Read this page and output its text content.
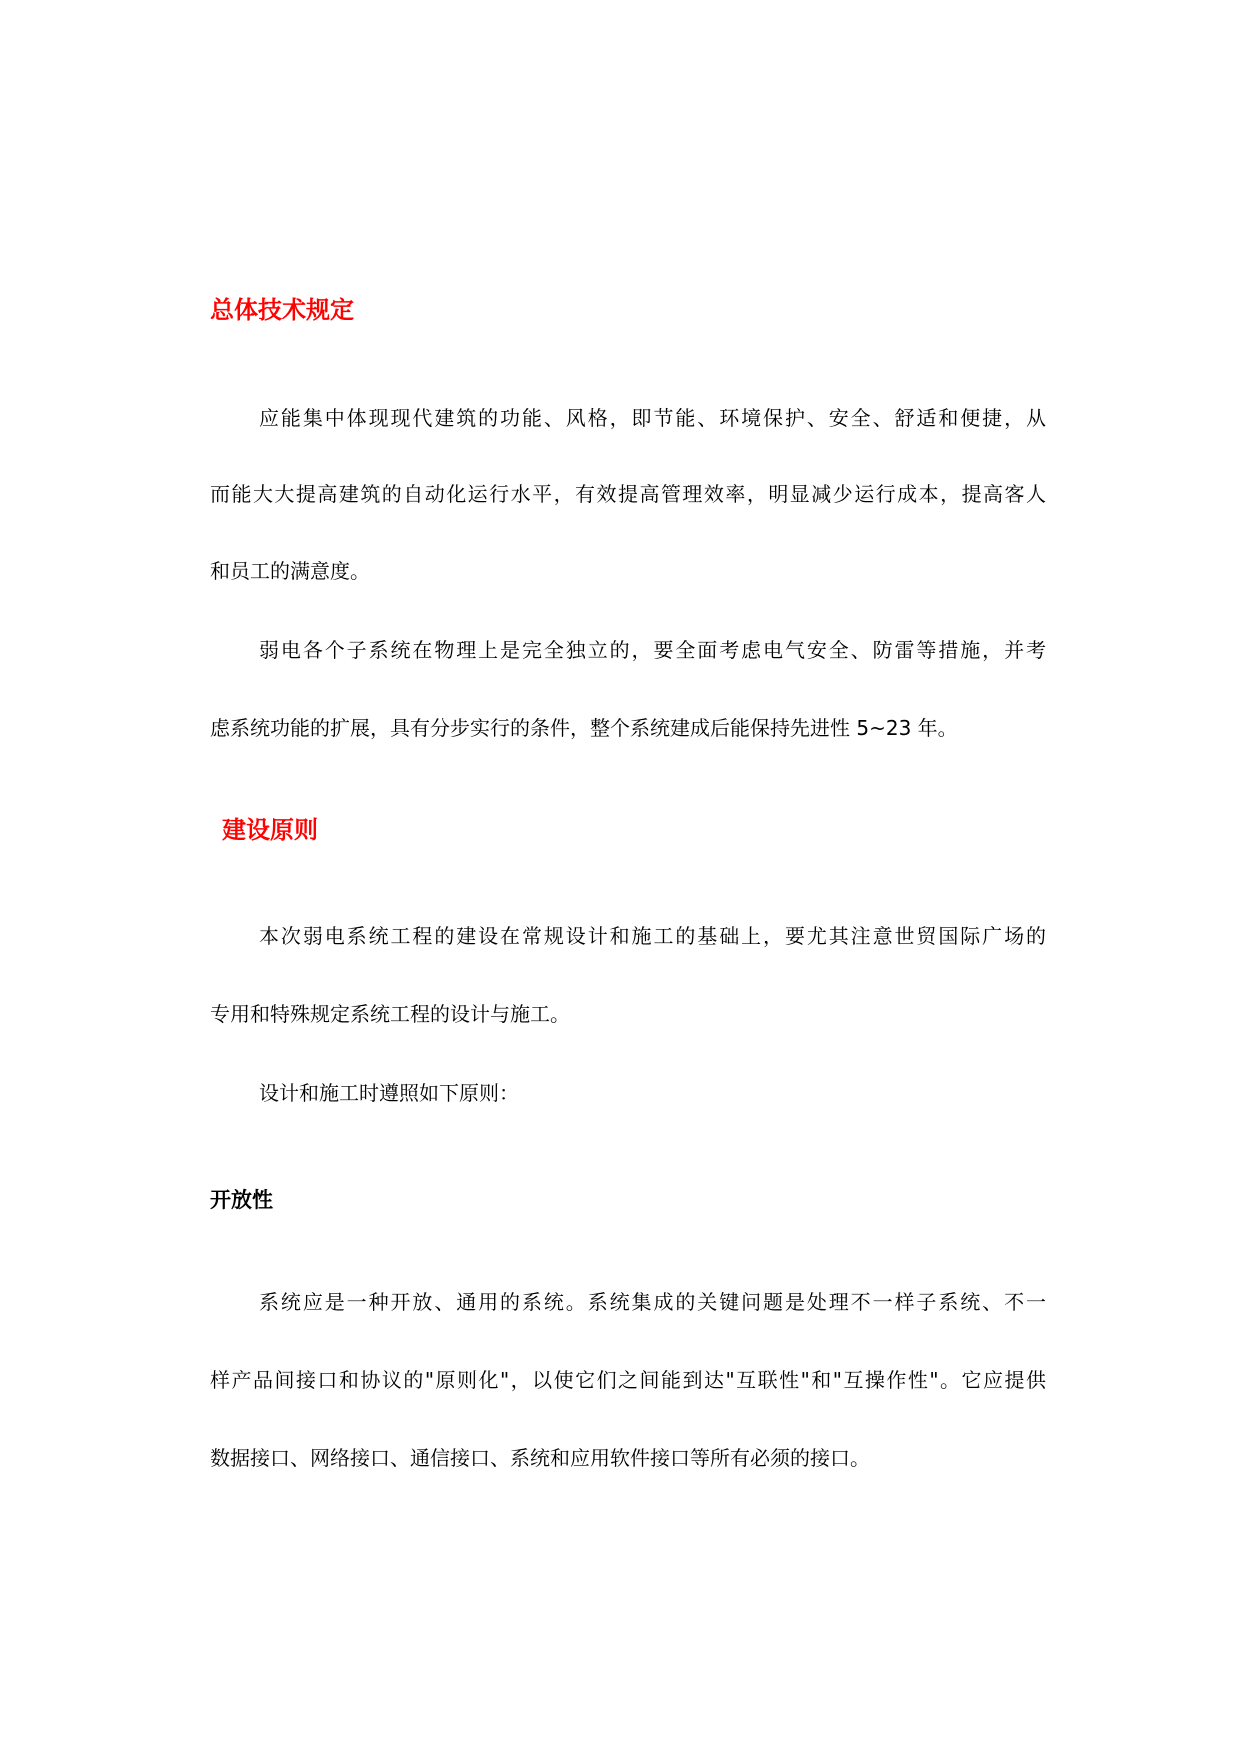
总体技术规定

应能集中体现现代建筑的功能、风格，即节能、环境保护、安全、舒适和便捷，从

而能大大提高建筑的自动化运行水平，有效提高管理效率，明显减少运行成本，提高客人

和员工的满意度。

弱电各个子系统在物理上是完全独立的，要全面考虑电气安全、防雷等措施，并考

虑系统功能的扩展，具有分步实行的条件，整个系统建成后能保持先进性 5~23 年。

建设原则

本次弱电系统工程的建设在常规设计和施工的基础上，要尤其注意世贸国际广场的

专用和特殊规定系统工程的设计与施工。

设计和施工时遵照如下原则：

开放性

系统应是一种开放、通用的系统。系统集成的关键问题是处理不一样子系统、不一

样产品间接口和协议的"原则化"，以使它们之间能到达"互联性"和"互操作性"。它应提供

数据接口、网络接口、通信接口、系统和应用软件接口等所有必须的接口。
